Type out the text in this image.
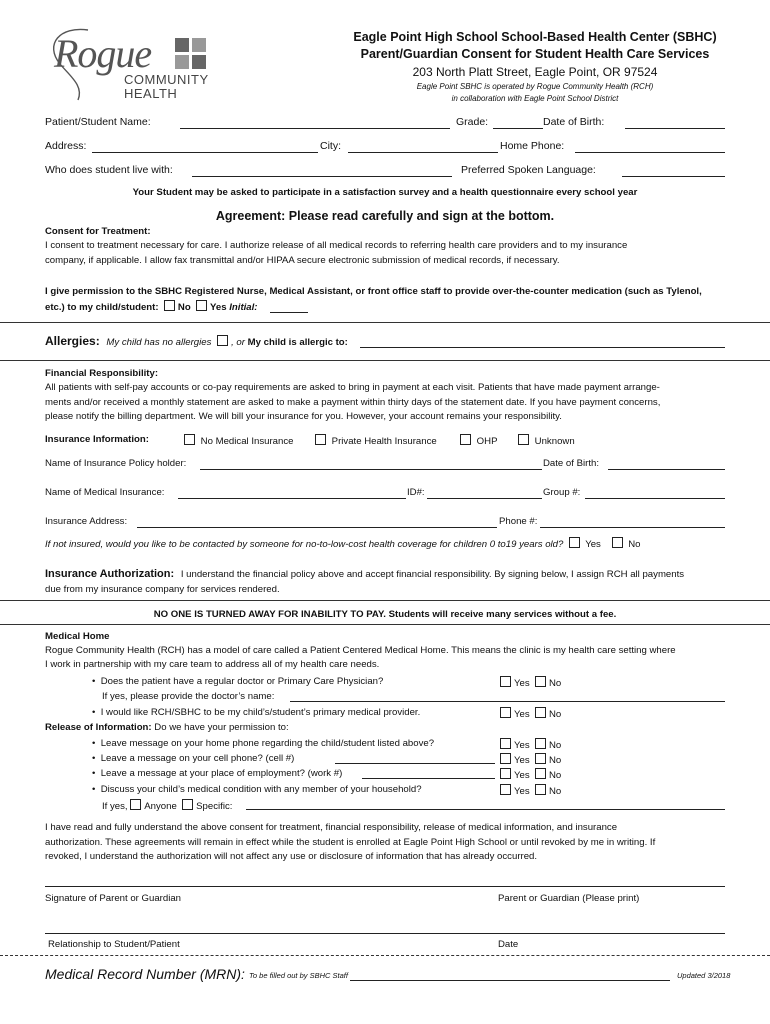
Rogue
COMMUNITY
HEALTH
Eagle Point High School School-Based Health Center (SBHC)
Parent/Guardian Consent for Student Health Care Services
203 North Platt Street, Eagle Point, OR 97524
Eagle Point SBHC is operated by Rogue Community Health (RCH)
in collaboration with Eagle Point School District
Patient/Student Name:	Grade:	Date of Birth:
Address:	City:	Home Phone:
Who does student live with:	Preferred Spoken Language:
Your Student may be asked to participate in a satisfaction survey and a health questionnaire every school year
Agreement: Please read carefully and sign at the bottom.
Consent for Treatment:
I consent to treatment necessary for care. I authorize release of all medical records to referring health care providers and to my insurance
company, if applicable. I allow fax transmittal and/or HIPAA secure electronic submission of medical records, if necessary.
I give permission to the SBHC Registered Nurse, Medical Assistant, or front office staff to provide over-the-counter medication (such as Tylenol,
etc.) to my child/student: No Yes Initial:
Allergies: My child has no allergies , or My child is allergic to:
Financial Responsibility:
All patients with self-pay accounts or co-pay requirements are asked to bring in payment at each visit. Patients that have made payment arrange-
ments and/or received a monthly statement are asked to make a payment within thirty days of the statement date. If you have payment concerns,
please notify the billing department. We will bill your insurance for you. However, your account remains your responsibility.
Insurance Information:	No Medical Insurance	Private Health Insurance	OHP	Unknown
Name of Insurance Policy holder:	Date of Birth:
Name of Medical Insurance:	ID#:	Group #:
Insurance Address:	Phone #:
If not insured, would you like to be contacted by someone for no-to-low-cost health coverage for children 0 to19 years old? Yes	No
Insurance Authorization: I understand the financial policy above and accept financial responsibility. By signing below, I assign RCH all payments
due from my insurance company for services rendered.
NO ONE IS TURNED AWAY FOR INABILITY TO PAY. Students will receive many services without a fee.
Medical Home
Rogue Community Health (RCH) has a model of care called a Patient Centered Medical Home. This means the clinic is my health care setting where
I work in partnership with my care team to address all of my health care needs.
•  Does the patient have a regular doctor or Primary Care Physician?	Yes No
If yes, please provide the doctor’s name:
•  I would like RCH/SBHC to be my child’s/student’s primary medical provider.	Yes No
Release of Information: Do we have your permission to:
•  Leave message on your home phone regarding the child/student listed above?	Yes No
•  Leave a message on your cell phone? (cell #)	Yes No
•  Leave a message at your place of employment? (work #)	Yes No
•  Discuss your child’s medical condition with any member of your household?	Yes No
If yes, Anyone Specific:
I have read and fully understand the above consent for treatment, financial responsibility, release of medical information, and insurance
authorization. These agreements will remain in effect while the student is enrolled at Eagle Point High School or until revoked by me in writing. If
revoked, I understand the authorization will not affect any use or disclosure of information that has already occurred.
Signature of Parent or Guardian	Parent or Guardian (Please print)
Relationship to Student/Patient	Date
Medical Record Number (MRN): To be filled out by SBHC Staff	Updated 3/2018
